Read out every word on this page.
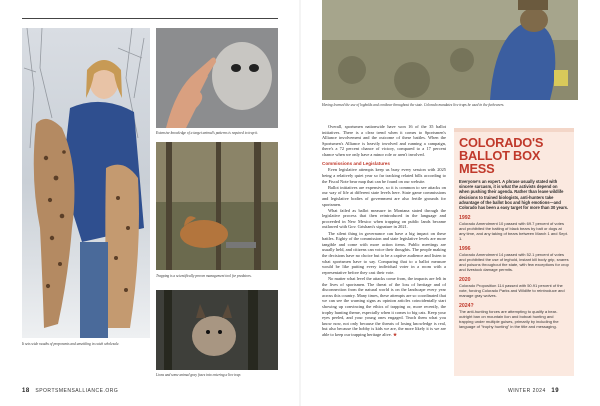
It sets wide swaths of proponents and unsettling in catch wholesale.
Extensive knowledge of a target animal's patterns is required to trap it.
Trapping is a scientifically proven management tool for predators.
Lions and some animal gray foxes into entering a live trap.
Having learned the use of logholds and conibear throughout the state. Colorado mandates live traps be used in the furbearers.

Overall, sportsmen nationwide have won 16 of the 35 ballot initiatives. There is a clear trend when it comes to Sportsmen's Alliance involvement and the outcome of these battles. When the Sportsmen's Alliance is heavily involved and running a campaign, there's a 72 percent chance of victory, compared to a 17 percent chance when we only have a minor role or aren't involved.

Commissions and Legislatures

Even legislative attempts keep us busy every session with 2025 being a relatively quiet year so far tracking related bills according to the Fiscal Note bear map that can be found on our website.

Ballot initiatives are expensive, so it is common to see attacks on our way of life at different state levels here. State game commissions and legislative bodies of government are also fertile grounds for sportsmen.

What failed as ballot measure in Montana stated through the legislative process that then reintroduced in the language and proceeded in New Mexico when trapping on public lands became outlawed with Gov. Grisham's signature in 2021.

The silent thing in governance can have a big impact on these battles. Eighty of the commission and state legislative levels are more tangible and come with more action items. Public meetings are usually held, and citizens can voice their thoughts. The people making the decisions have no choice but to be a captive audience and listen to what sportsmen have to say. Comparing that to a ballot measure would be like putting every individual voter in a room with a representative before they cast their vote.

No matter what level the attacks come from, the impacts are felt in the lives of sportsmen. The threat of the loss of heritage and of disconnection from the natural world is on the landscape every year across this country. Many times, these attempts are so coordinated that we can see the warning signs as opinion articles coincidentally start showing up convincing the ethics of trapping or, more recently, the trophy hunting theme, especially when it comes to big cats. Keep your eyes peeled, and your young ones engaged. Teach them what you know now, not only because the threats of losing knowledge is real, but also because the hobby is kids we are, the more likely it is we are able to keep our trapping heritage alive. ★

COLORADO'S BALLOT BOX MESS
Everyone's an expert. A phrase usually stated with sincere sarcasm, it is what the activists depend on when pushing their agenda. Rather than leave wildlife decisions to trained biologists, anti-hunters take advantage of the ballot box and high emotions—and Colorado has been a easy target for more than 30 years.
1992
Colorado Amendment 10 passed with 69.7 percent of votes and prohibited the baiting of black bears by bait or dogs at any time, and any taking of bears between March 1 and Sept. 1.
1996
Colorado Amendment 14 passed with 52.1 percent of votes and prohibited the use of leghold, instant kill body grip, snares and poisons throughout the state, with few exceptions for crop and livestock damage permits.
2020
Colorado Proposition 114 passed with 50.91 percent of the vote, forcing Colorado Parks and Wildlife to reintroduce and manage gray wolves.
2024?
The anti-hunting forces are attempting to qualify a bear-outright ban on mountain lion and bobcat hunting and trapping under multiple guises, primarily by including the language of "trophy hunting" in the title and messaging.
18 SPORTSMENSALLIANCE.ORG	WINTER 2024 19
